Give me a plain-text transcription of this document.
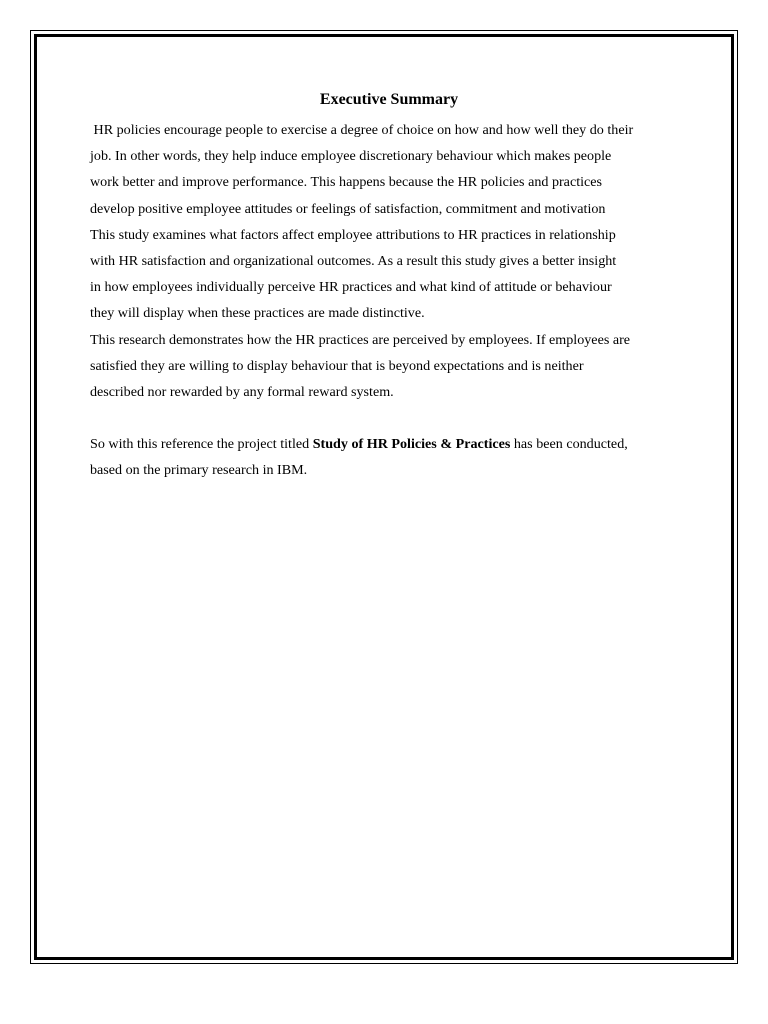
Executive Summary
HR policies encourage people to exercise a degree of choice on how and how well they do their
job. In other words, they help induce employee discretionary behaviour which makes people
work better and improve performance. This happens because the HR policies and practices
develop positive employee attitudes or feelings of satisfaction, commitment and motivation
This study examines what factors affect employee attributions to HR practices in relationship
with HR satisfaction and organizational outcomes. As a result this study gives a better insight
in how employees individually perceive HR practices and what kind of attitude or behaviour
they will display when these practices are made distinctive.
This research demonstrates how the HR practices are perceived by employees. If employees are
satisfied they are willing to display behaviour that is beyond expectations and is neither
described nor rewarded by any formal reward system.
So with this reference the project titled Study of HR Policies & Practices has been conducted,
based on the primary research in IBM.
